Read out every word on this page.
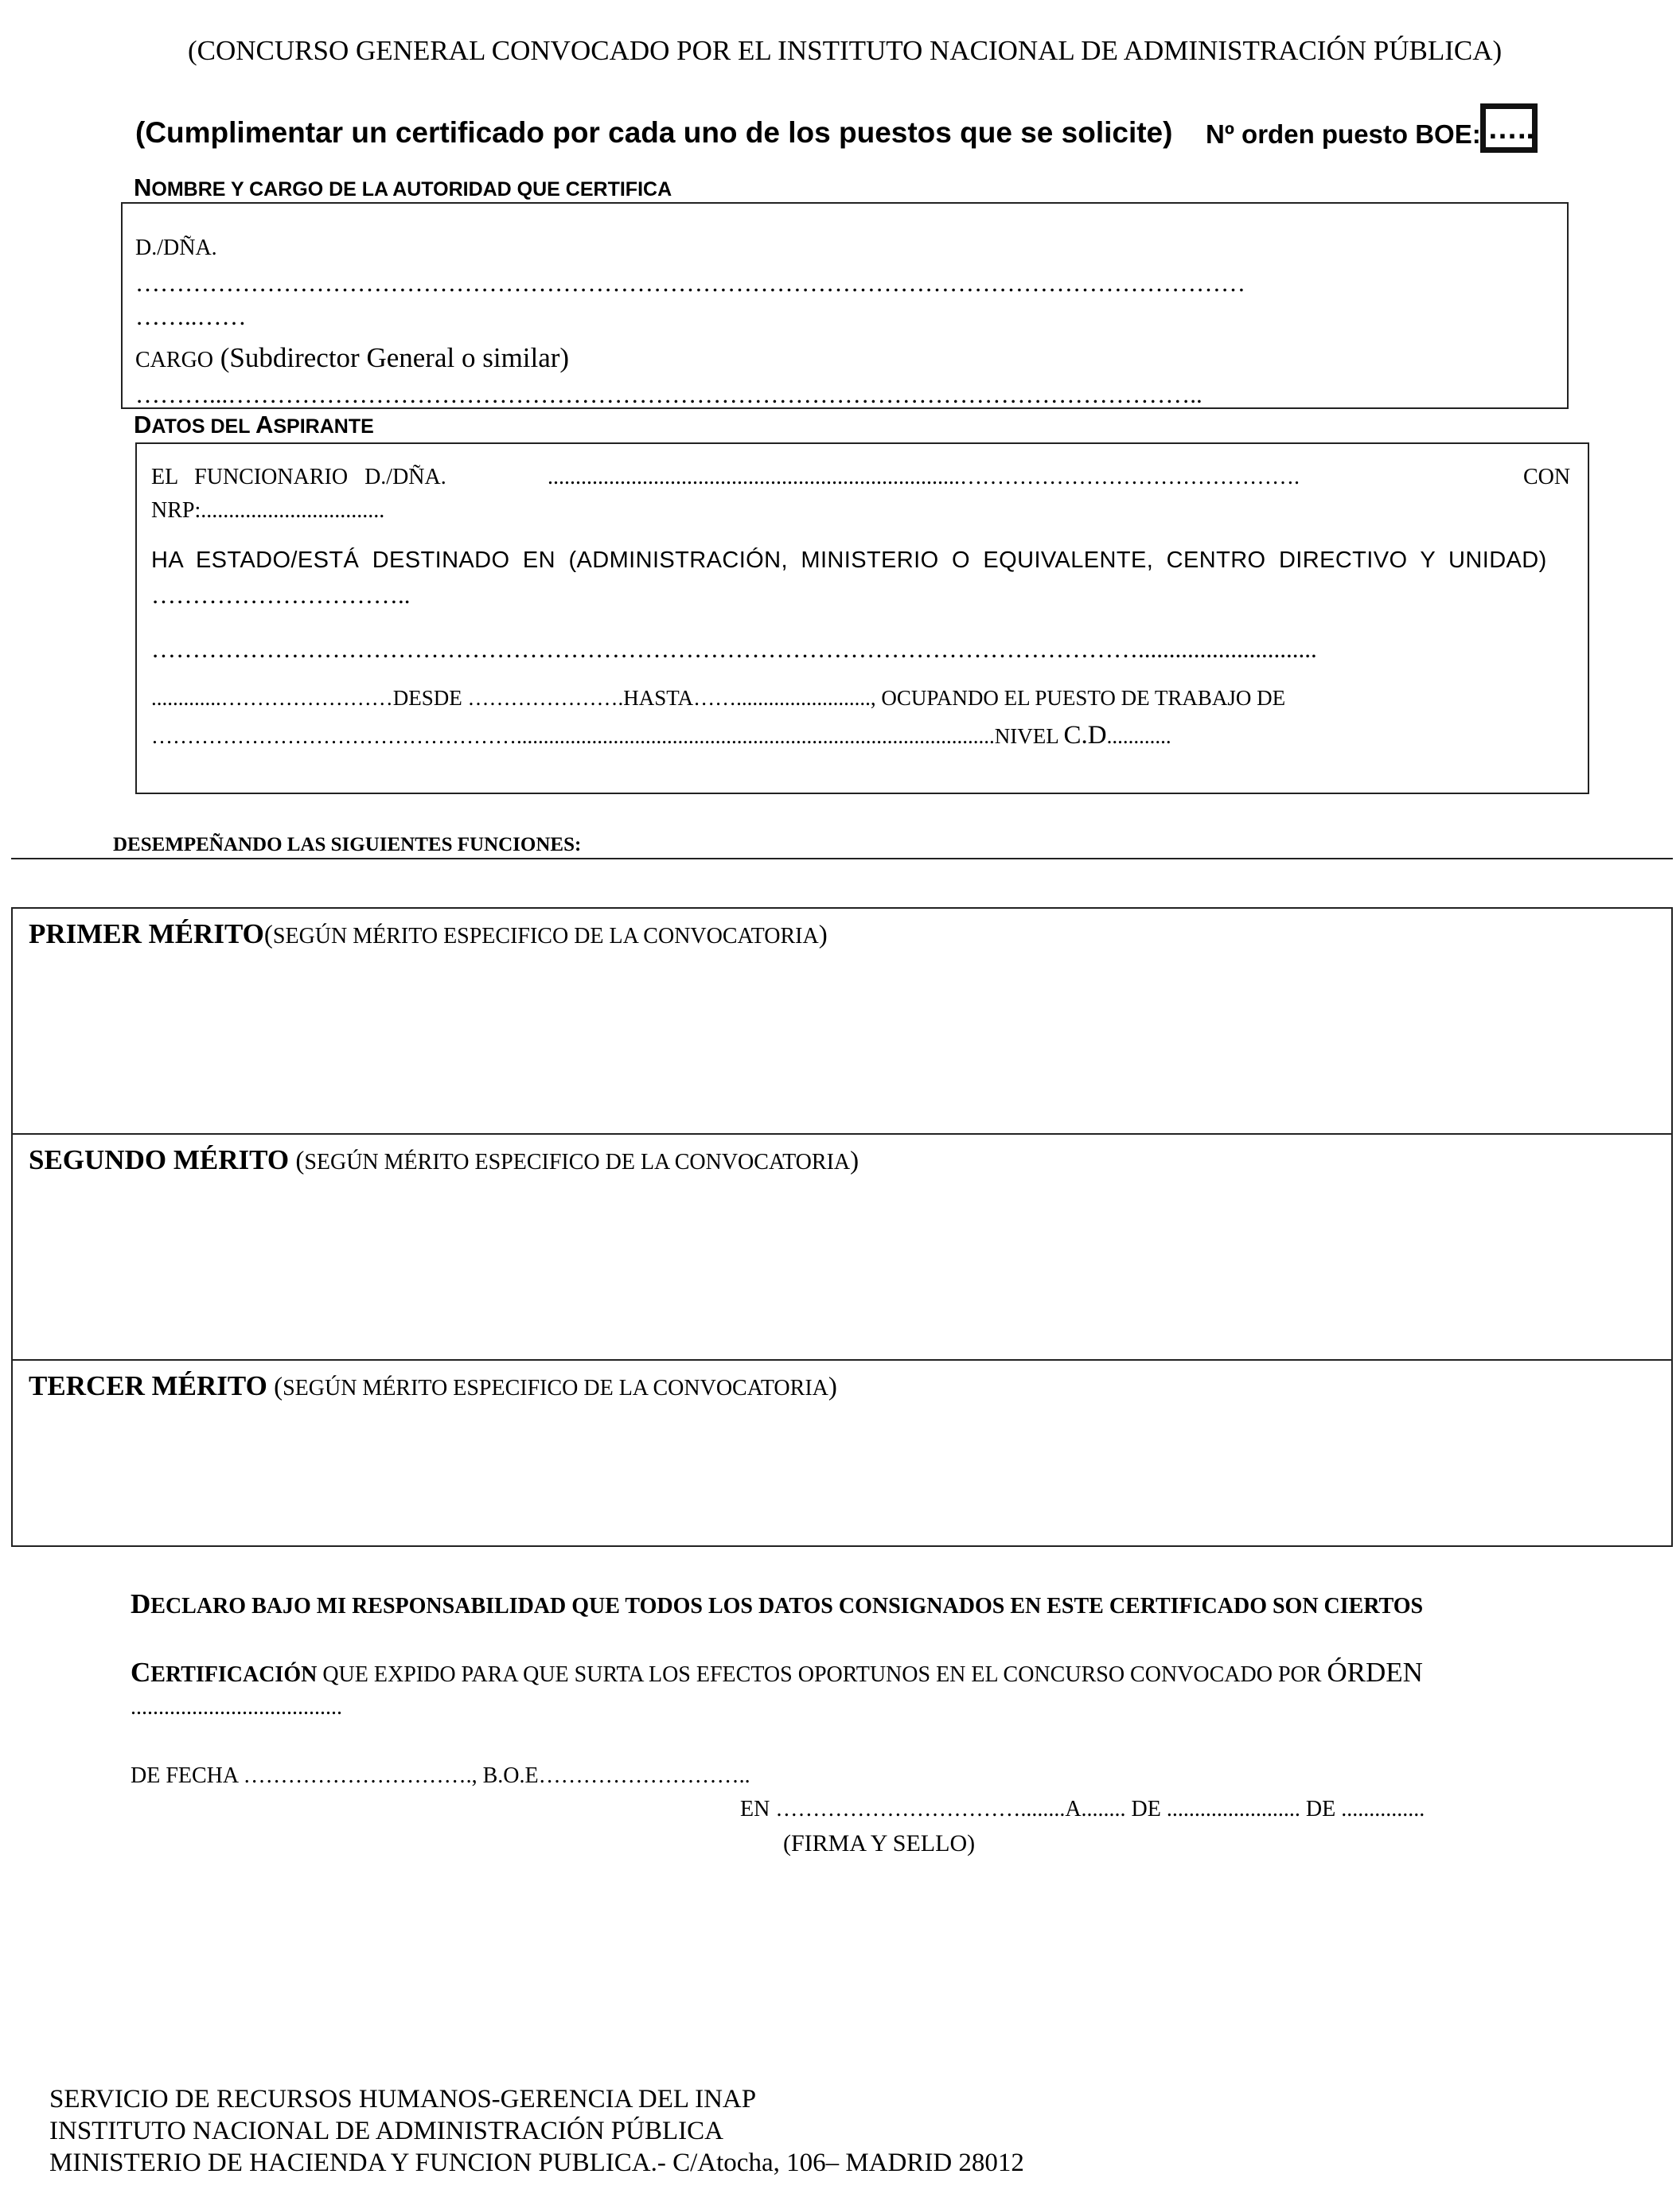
(CONCURSO GENERAL CONVOCADO POR EL INSTITUTO NACIONAL DE ADMINISTRACIÓN PÚBLICA)
(Cumplimentar un certificado por cada uno de los puestos que se solicite) Nº orden puesto BOE: …..
NOMBRE Y CARGO DE LA AUTORIDAD QUE CERTIFICA
D./DÑA.
………………………………………………………………………………………………………………………
……..……
CARGO (Subdirector General o similar)
………...………………………………………………………………………………………………………..
DATOS DEL ASPIRANTE
EL   FUNCIONARIO   D./DÑA.	..........................................................................……………………………………….	CON
NRP:.................................
HA ESTADO/ESTÁ DESTINADO EN (ADMINISTRACIÓN, MINISTERIO O EQUIVALENTE, CENTRO DIRECTIVO Y UNIDAD)
…………………………..
………………………………………………………………………………………………………….............................
.............……………………DESDE ………………….HASTA……........................., OCUPANDO EL PUESTO DE TRABAJO DE
…………………………………………….........................................................................................NIVEL C.D............
DESEMPEÑANDO LAS SIGUIENTES FUNCIONES:
PRIMER MÉRITO(SEGÚN MÉRITO ESPECIFICO DE LA CONVOCATORIA)
SEGUNDO MÉRITO (SEGÚN MÉRITO ESPECIFICO DE LA CONVOCATORIA)
TERCER MÉRITO (SEGÚN MÉRITO ESPECIFICO DE LA CONVOCATORIA)
DECLARO BAJO MI RESPONSABILIDAD QUE TODOS LOS DATOS CONSIGNADOS EN ESTE CERTIFICADO SON CIERTOS
CERTIFICACIÓN QUE EXPIDO PARA QUE SURTA LOS EFECTOS OPORTUNOS EN EL CONCURSO CONVOCADO POR ÓRDEN
......................................
DE FECHA …………………………., B.O.E………………………..
EN ……………………………........A........ DE ........................ DE ...............
(FIRMA Y SELLO)
SERVICIO DE RECURSOS HUMANOS-GERENCIA DEL INAP
INSTITUTO NACIONAL DE ADMINISTRACIÓN PÚBLICA
MINISTERIO DE HACIENDA Y FUNCION PUBLICA.- C/Atocha, 106– MADRID 28012
